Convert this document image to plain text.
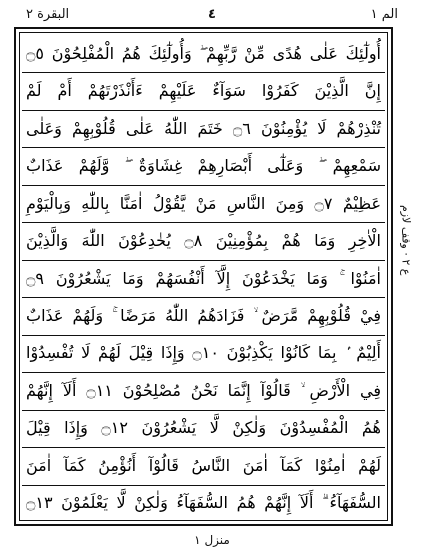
الم ١
٤
البقرة ٢
أُولٰٓئِكَ عَلٰى هُدًى مِّنْ رَّبِّهِمْ ۖ وَأُولٰٓئِكَ هُمُ الْمُفْلِحُوْنَ ۝٥
إِنَّ الَّذِيْنَ كَفَرُوْا سَوَآءٌ عَلَيْهِمْ ءَأَنْذَرْتَهُمْ أَمْ لَمْ
تُنْذِرْهُمْ لَا يُؤْمِنُوْنَ ۝٦ خَتَمَ اللّٰهُ عَلٰى قُلُوْبِهِمْ وَعَلٰى
سَمْعِهِمْ ۖ وَعَلٰٓى أَبْصَارِهِمْ غِشَاوَةٌ ۖ وَّلَهُمْ عَذَابٌ
عَظِيْمٌ ۝٧ وَمِنَ النَّاسِ مَنْ يَّقُوْلُ اٰمَنَّا بِاللّٰهِ وَبِالْيَوْمِ
الْاٰخِرِ وَمَا هُمْ بِمُؤْمِنِيْنَ ۝٨ يُخٰدِعُوْنَ اللّٰهَ وَالَّذِيْنَ
اٰمَنُوْا ۚ وَمَا يَخْدَعُوْنَ إِلَّآ أَنْفُسَهُمْ وَمَا يَشْعُرُوْنَ ۝٩
فِيْ قُلُوْبِهِمْ مَّرَضٌ ۙ فَزَادَهُمُ اللّٰهُ مَرَضًا ۚ وَلَهُمْ عَذَابٌ
أَلِيْمٌ ۢ بِمَا كَانُوْا يَكْذِبُوْنَ ۝١٠ وَإِذَا قِيْلَ لَهُمْ لَا تُفْسِدُوْا
فِي الْأَرْضِ ۙ قَالُوْآ إِنَّمَا نَحْنُ مُصْلِحُوْنَ ۝١١ أَلَآ إِنَّهُمْ
هُمُ الْمُفْسِدُوْنَ وَلٰكِنْ لَّا يَشْعُرُوْنَ ۝١٢ وَإِذَا قِيْلَ
لَهُمْ اٰمِنُوْا كَمَآ اٰمَنَ النَّاسُ قَالُوْآ أَنُؤْمِنُ كَمَآ اٰمَنَ
السُّفَهَآءُ ۗ أَلَآ إِنَّهُمْ هُمُ السُّفَهَآءُ وَلٰكِنْ لَّا يَعْلَمُوْنَ ۝١٣
ع ٢ · وقف لازم
منزل ١
